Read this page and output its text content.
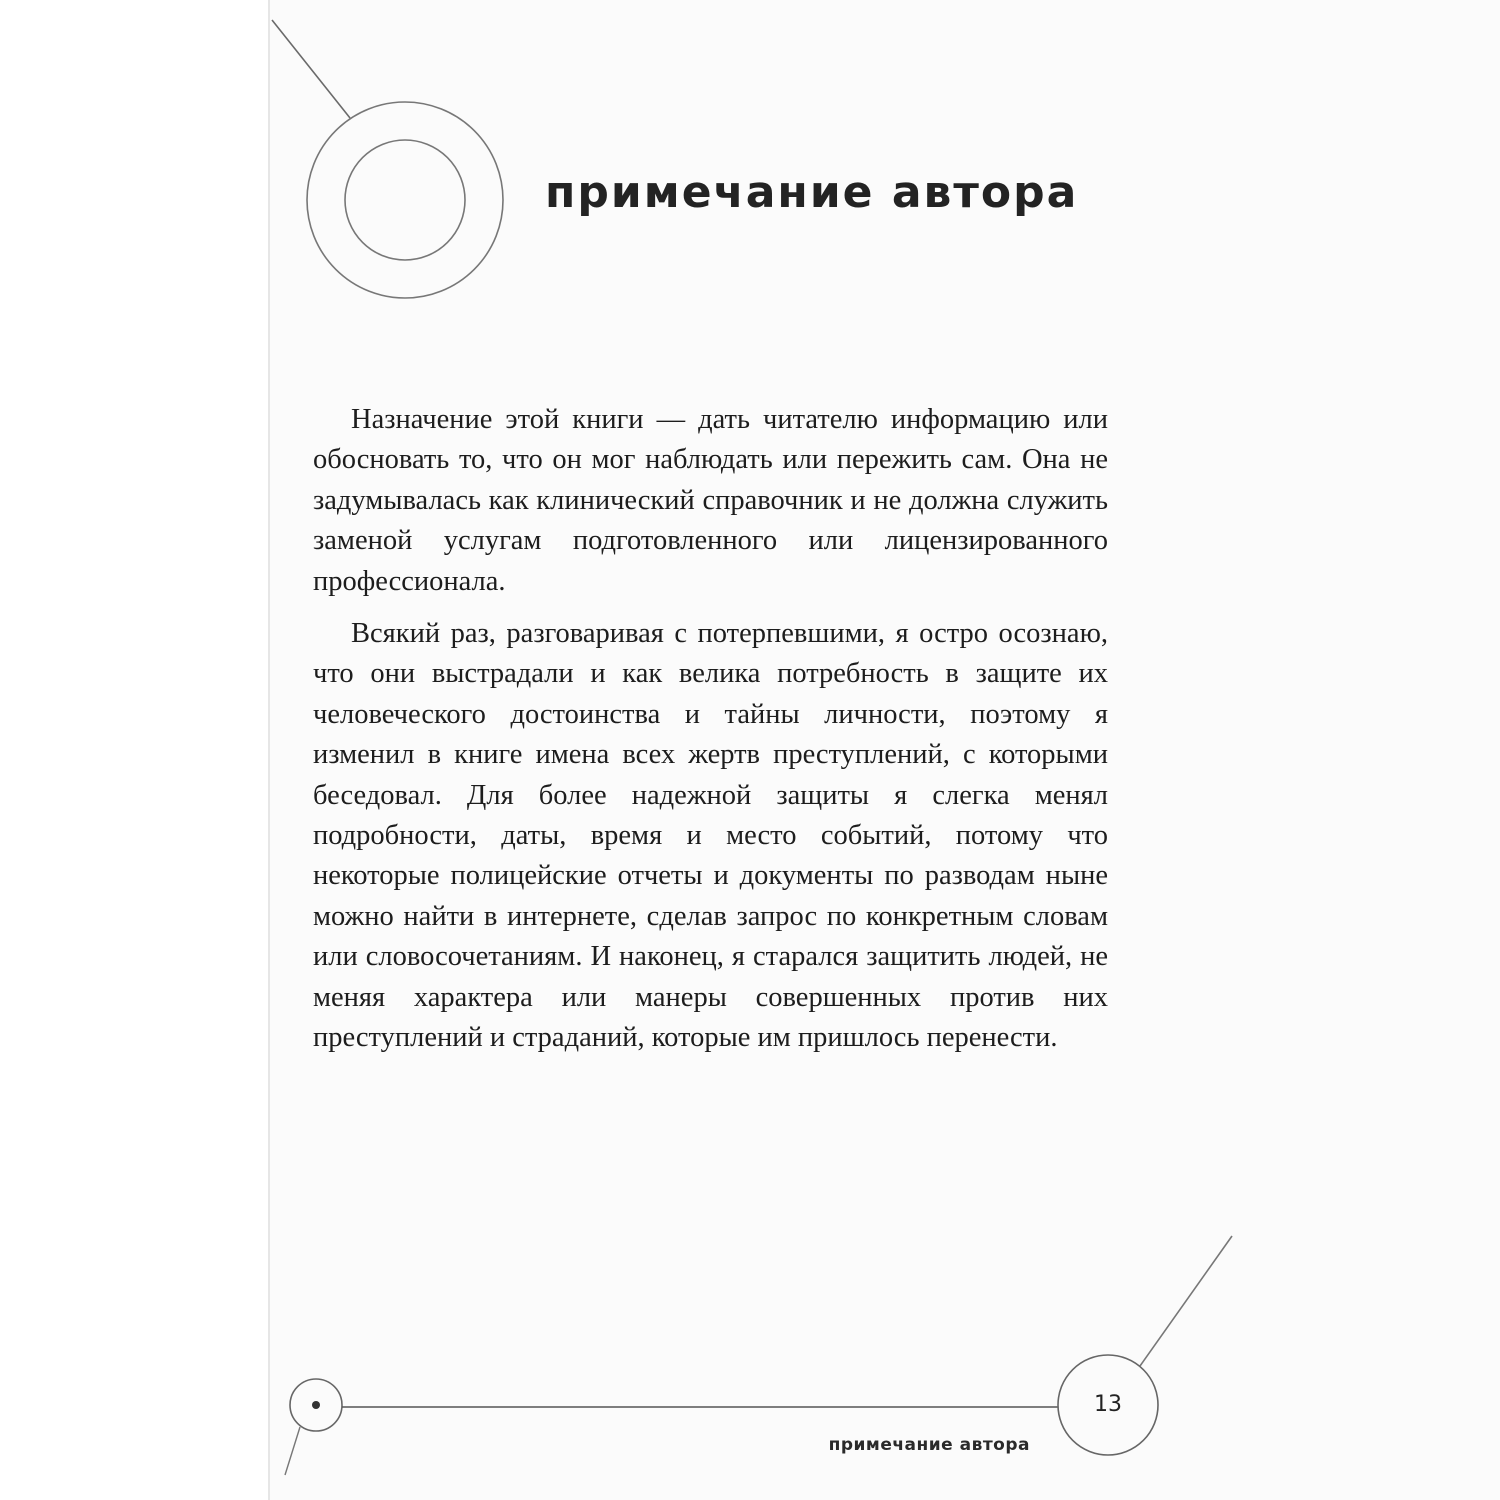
примечание автора

Назначение этой книги — дать читателю информацию или обосновать то, что он мог наблюдать или пережить сам. Она не задумывалась как клинический справочник и не должна служить заменой услугам подготовленного или лицензированного профессионала.

Всякий раз, разговаривая с потерпевшими, я остро осознаю, что они выстрадали и как велика потребность в защите их человеческого достоинства и тайны личности, поэтому я изменил в книге имена всех жертв преступлений, с которыми беседовал. Для более надежной защиты я слегка менял подробности, даты, время и место событий, потому что некоторые полицейские отчеты и документы по разводам ныне можно найти в интернете, сделав запрос по конкретным словам или словосочетаниям. И наконец, я старался защитить людей, не меняя характера или манеры совершенных против них преступлений и страданий, которые им пришлось перенести.

13
примечание автора
